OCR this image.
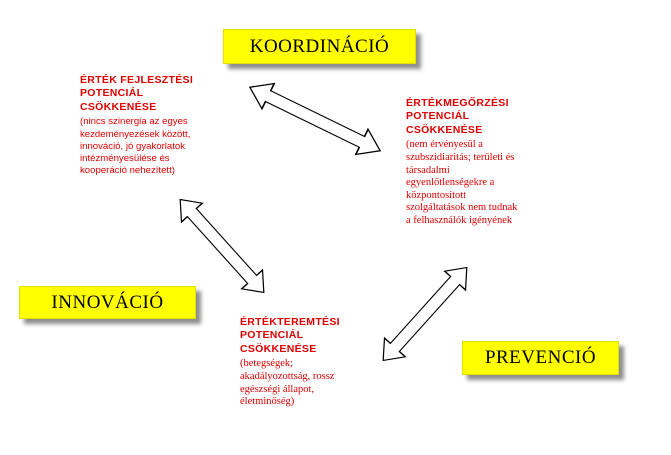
KOORDINÁCIÓ
INNOVÁCIÓ
PREVENCIÓ
ÉRTÉK FEJLESZTÉSI
POTENCIÁL
CSÖKKENÉSE
(nincs szinergia az egyes
kezdeményezések között,
innováció, jó gyakorlatok
intézményesülése és
kooperáció nehezített)
ÉRTÉKMEGŐRZÉSI
POTENCIÁL
CSÖKKENÉSE
(nem érvényesül a
szubszidiaritás; területi és
társadalmi
egyenlőtlenségekre a
központosított
szolgáltatások nem tudnak
a felhasználók igényének
ÉRTÉKTEREMTÉSI
POTENCIÁL
CSÖKKENÉSE
(betegségek;
akadályozottság, rossz
egészségi állapot,
életminőség)
